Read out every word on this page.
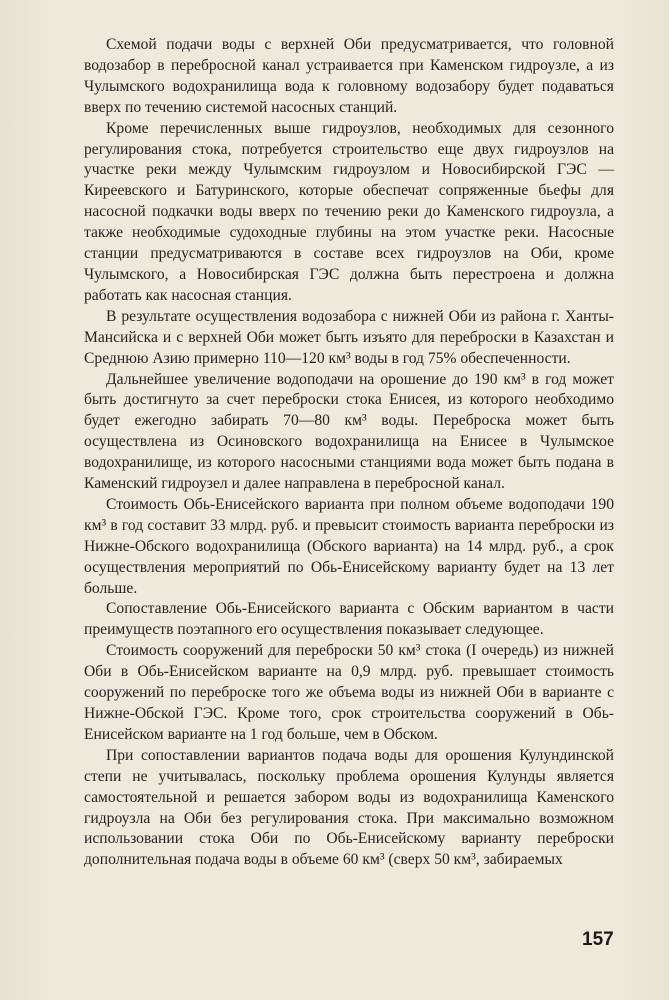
Схемой подачи воды с верхней Оби предусматривается, что головной водозабор в переброcной канал устраивается при Каменском гидроузле, а из Чулымского водохранилища вода к головному водозабору будет подаваться вверх по течению системой насосных станций.

Кроме перечисленных выше гидроузлов, необходимых для сезонного регулирования стока, потребуется строительство еще двух гидроузлов на участке реки между Чулымским гидроузлом и Новосибирской ГЭС — Киреевского и Батуринского, которые обеспечат сопряженные бьефы для насосной подкачки воды вверх по течению реки до Каменского гидроузла, а также необходимые судоходные глубины на этом участке реки. Насосные станции предусматриваются в составе всех гидроузлов на Оби, кроме Чулымского, а Новосибирская ГЭС должна быть перестроена и должна работать как насосная станция.

В результате осуществления водозабора с нижней Оби из района г. Ханты-Мансийска и с верхней Оби может быть изъято для переброски в Казахстан и Среднюю Азию примерно 110—120 км³ воды в год 75% обеспеченности.

Дальнейшее увеличение водоподачи на орошение до 190 км³ в год может быть достигнуто за счет переброски стока Енисея, из которого необходимо будет ежегодно забирать 70—80 км³ воды. Переброска может быть осуществлена из Осиновского водохранилища на Енисее в Чулымское водохранилище, из которого насосными станциями вода может быть подана в Каменский гидроузел и далее направлена в переброcной канал.

Стоимость Обь-Енисейского варианта при полном объеме водоподачи 190 км³ в год составит 33 млрд. руб. и превысит стоимость варианта переброски из Нижне-Обского водохранилища (Обского варианта) на 14 млрд. руб., а срок осуществления мероприятий по Обь-Енисейскому варианту будет на 13 лет больше.

Сопоставление Обь-Енисейского варианта с Обским вариантом в части преимуществ поэтапного его осуществления показывает следующее.

Стоимость сооружений для переброски 50 км³ стока (I очередь) из нижней Оби в Обь-Енисейском варианте на 0,9 млрд. руб. превышает стоимость сооружений по переброске того же объема воды из нижней Оби в варианте с Нижне-Обской ГЭС. Кроме того, срок строительства сооружений в Обь-Енисейском варианте на 1 год больше, чем в Обском.

При сопоставлении вариантов подача воды для орошения Кулундинской степи не учитывалась, поскольку проблема орошения Кулунды является самостоятельной и решается забором воды из водохранилища Каменского гидроузла на Оби без регулирования стока. При максимально возможном использовании стока Оби по Обь-Енисейскому варианту переброски дополнительная подача воды в объеме 60 км³ (сверх 50 км³, забираемых

157
